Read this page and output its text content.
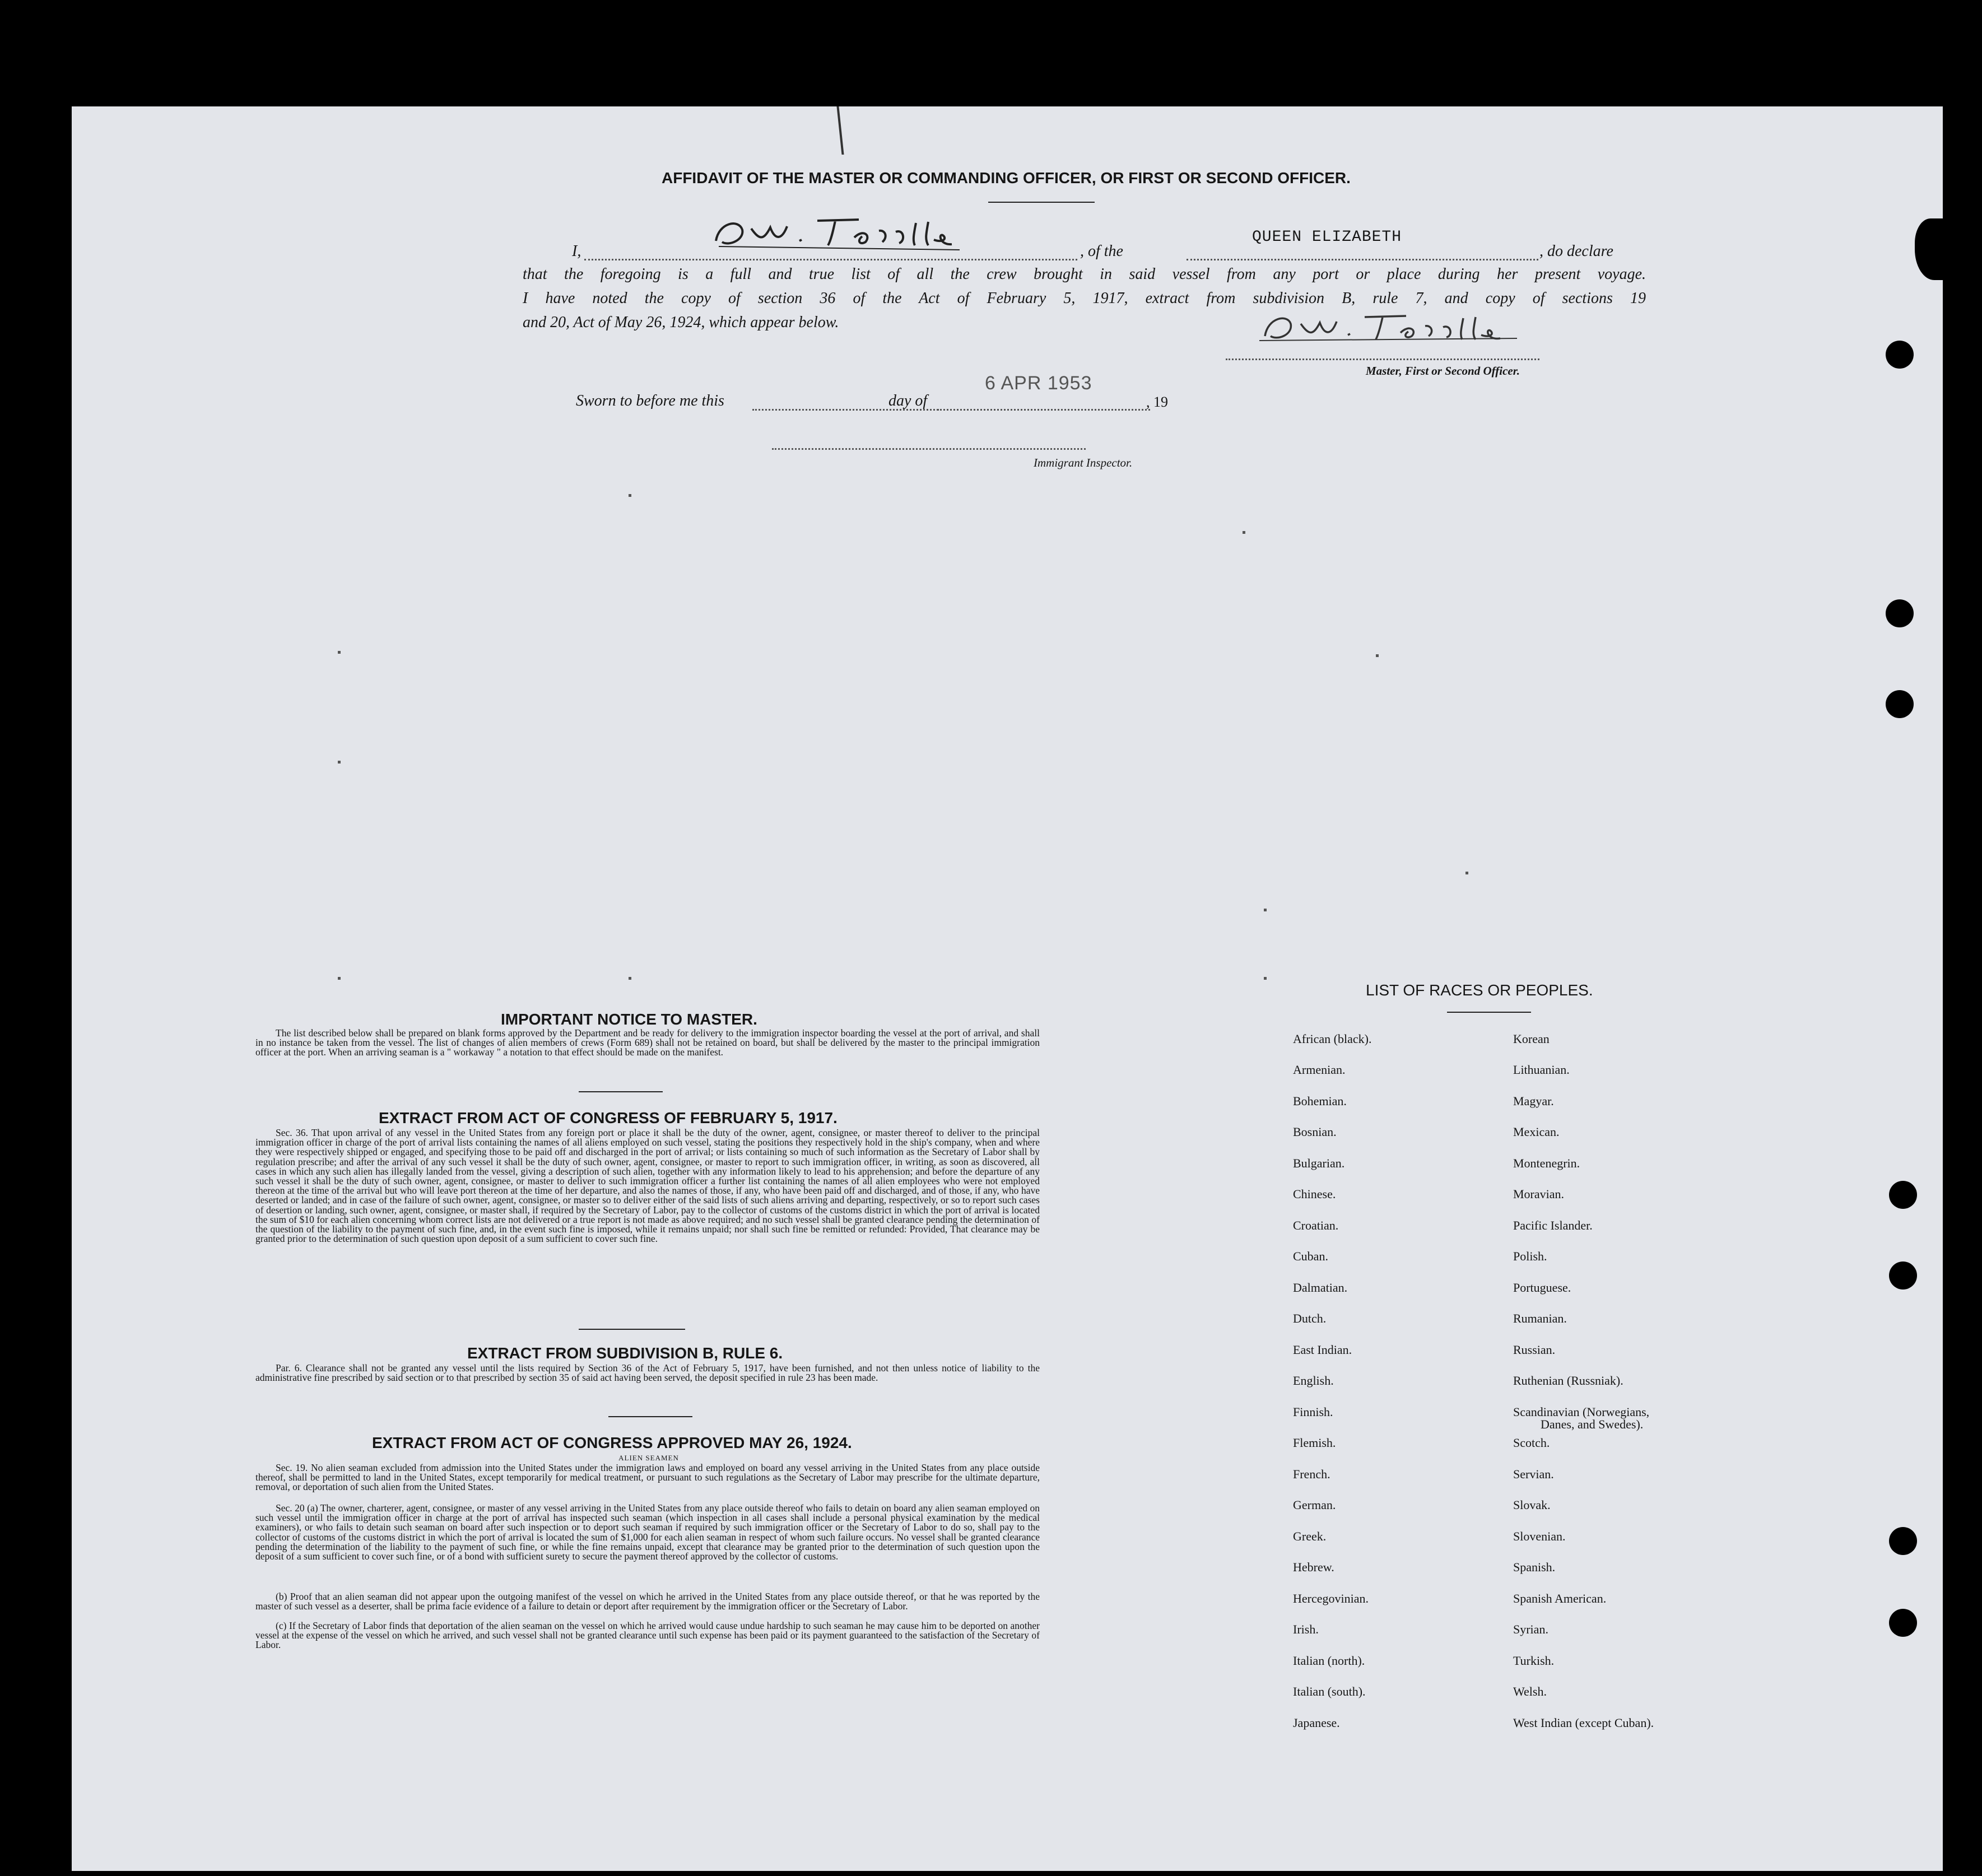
AFFIDAVIT OF THE MASTER OR COMMANDING OFFICER, OR FIRST OR SECOND OFFICER.
I,	, of the
QUEEN ELIZABETH
, do declare
that the foregoing is a full and true list of all the crew brought in said vessel from any port or place during her present voyage.
I have noted the copy of section 36 of the Act of February 5, 1917, extract from subdivision B, rule 7, and copy of sections 19
and 20, Act of May 26, 1924, which appear below.
Master, First or Second Officer.
Sworn to before me this	day of
6 APR 1953
, 19
Immigrant Inspector.
IMPORTANT NOTICE TO MASTER.
The list described below shall be prepared on blank forms approved by the Department and be ready for delivery to the immigration inspector boarding the vessel at the port of arrival, and shall in no instance be taken from the vessel. The list of changes of alien members of crews (Form 689) shall not be retained on board, but shall be delivered by the master to the principal immigration officer at the port. When an arriving seaman is a " workaway " a notation to that effect should be made on the manifest.
EXTRACT FROM ACT OF CONGRESS OF FEBRUARY 5, 1917.
Sec. 36. That upon arrival of any vessel in the United States from any foreign port or place it shall be the duty of the owner, agent, consignee, or master thereof to deliver to the principal immigration officer in charge of the port of arrival lists containing the names of all aliens employed on such vessel, stating the positions they respectively hold in the ship's company, when and where they were respectively shipped or engaged, and specifying those to be paid off and discharged in the port of arrival; or lists containing so much of such information as the Secretary of Labor shall by regulation prescribe; and after the arrival of any such vessel it shall be the duty of such owner, agent, consignee, or master to report to such immigration officer, in writing, as soon as discovered, all cases in which any such alien has illegally landed from the vessel, giving a description of such alien, together with any information likely to lead to his apprehension; and before the departure of any such vessel it shall be the duty of such owner, agent, consignee, or master to deliver to such immigration officer a further list containing the names of all alien employees who were not employed thereon at the time of the arrival but who will leave port thereon at the time of her departure, and also the names of those, if any, who have been paid off and discharged, and of those, if any, who have deserted or landed; and in case of the failure of such owner, agent, consignee, or master so to deliver either of the said lists of such aliens arriving and departing, respectively, or so to report such cases of desertion or landing, such owner, agent, consignee, or master shall, if required by the Secretary of Labor, pay to the collector of customs of the customs district in which the port of arrival is located the sum of $10 for each alien concerning whom correct lists are not delivered or a true report is not made as above required; and no such vessel shall be granted clearance pending the determination of the question of the liability to the payment of such fine, and, in the event such fine is imposed, while it remains unpaid; nor shall such fine be remitted or refunded: Provided, That clearance may be granted prior to the determination of such question upon deposit of a sum sufficient to cover such fine.
EXTRACT FROM SUBDIVISION B, RULE 6.
Par. 6. Clearance shall not be granted any vessel until the lists required by Section 36 of the Act of February 5, 1917, have been furnished, and not then unless notice of liability to the administrative fine prescribed by said section or to that prescribed by section 35 of said act having been served, the deposit specified in rule 23 has been made.
EXTRACT FROM ACT OF CONGRESS APPROVED MAY 26, 1924.
ALIEN SEAMEN
Sec. 19. No alien seaman excluded from admission into the United States under the immigration laws and employed on board any vessel arriving in the United States from any place outside thereof, shall be permitted to land in the United States, except temporarily for medical treatment, or pursuant to such regulations as the Secretary of Labor may prescribe for the ultimate departure, removal, or deportation of such alien from the United States.
Sec. 20 (a) The owner, charterer, agent, consignee, or master of any vessel arriving in the United States from any place outside thereof who fails to detain on board any alien seaman employed on such vessel until the immigration officer in charge at the port of arrival has inspected such seaman (which inspection in all cases shall include a personal physical examination by the medical examiners), or who fails to detain such seaman on board after such inspection or to deport such seaman if required by such immigration officer or the Secretary of Labor to do so, shall pay to the collector of customs of the customs district in which the port of arrival is located the sum of $1,000 for each alien seaman in respect of whom such failure occurs. No vessel shall be granted clearance pending the determination of the liability to the payment of such fine, or while the fine remains unpaid, except that clearance may be granted prior to the determination of such question upon the deposit of a sum sufficient to cover such fine, or of a bond with sufficient surety to secure the payment thereof approved by the collector of customs.
(b) Proof that an alien seaman did not appear upon the outgoing manifest of the vessel on which he arrived in the United States from any place outside thereof, or that he was reported by the master of such vessel as a deserter, shall be prima facie evidence of a failure to detain or deport after requirement by the immigration officer or the Secretary of Labor.
(c) If the Secretary of Labor finds that deportation of the alien seaman on the vessel on which he arrived would cause undue hardship to such seaman he may cause him to be deported on another vessel at the expense of the vessel on which he arrived, and such vessel shall not be granted clearance until such expense has been paid or its payment guaranteed to the satisfaction of the Secretary of Labor.
LIST OF RACES OR PEOPLES.
African (black).
Armenian.
Bohemian.
Bosnian.
Bulgarian.
Chinese.
Croatian.
Cuban.
Dalmatian.
Dutch.
East Indian.
English.
Finnish.
Flemish.
French.
German.
Greek.
Hebrew.
Hercegovinian.
Irish.
Italian (north).
Italian (south).
Japanese.
Korean
Lithuanian.
Magyar.
Mexican.
Montenegrin.
Moravian.
Pacific Islander.
Polish.
Portuguese.
Rumanian.
Russian.
Ruthenian (Russniak).
Scandinavian (Norwegians,
Danes, and Swedes).
Scotch.
Servian.
Slovak.
Slovenian.
Spanish.
Spanish American.
Syrian.
Turkish.
Welsh.
West Indian (except Cuban).
